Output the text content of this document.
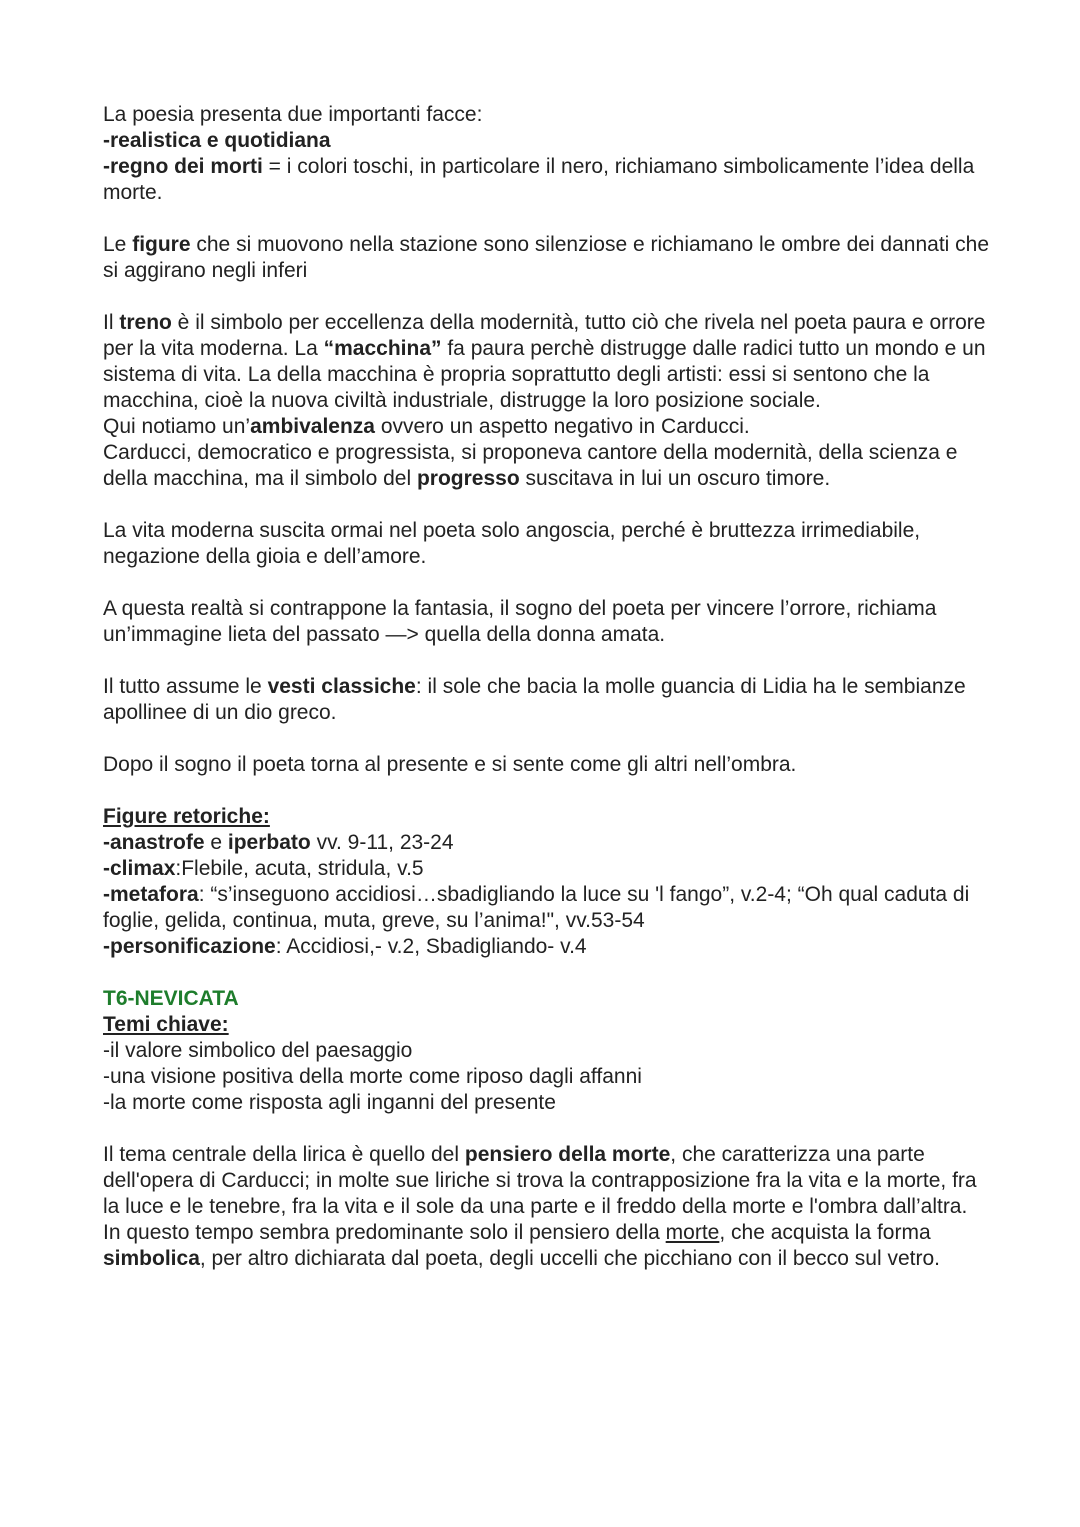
La poesia presenta due importanti facce:

-realistica e quotidiana

-regno dei morti = i colori toschi, in particolare il nero, richiamano simbolicamente l’idea della morte.

Le figure che si muovono nella stazione sono silenziose e richiamano le ombre dei dannati che si aggirano negli inferi

Il treno è il simbolo per eccellenza della modernità, tutto ciò che rivela nel poeta paura e orrore per la vita moderna. La “macchina” fa paura perchè distrugge dalle radici tutto un mondo e un sistema di vita. La della macchina è propria soprattutto degli artisti: essi si sentono che la macchina, cioè la nuova civiltà industriale, distrugge la loro posizione sociale.

Qui notiamo un’ambivalenza ovvero un aspetto negativo in Carducci.

Carducci, democratico e progressista, si proponeva cantore della modernità, della scienza e della macchina, ma il simbolo del progresso suscitava in lui un oscuro timore.

La vita moderna suscita ormai nel poeta solo angoscia, perché è bruttezza irrimediabile, negazione della gioia e dell’amore.

A questa realtà si contrappone la fantasia, il sogno del poeta per vincere l’orrore, richiama un’immagine lieta del passato —> quella della donna amata.

Il tutto assume le vesti classiche: il sole che bacia la molle guancia di Lidia ha le sembianze apollinee di un dio greco.

Dopo il sogno il poeta torna al presente e si sente come gli altri nell’ombra.

Figure retoriche:

-anastrofe e iperbato vv. 9-11, 23-24

-climax:Flebile, acuta, stridula, v.5

-metafora: “s’inseguono accidiosi…sbadigliando la luce su 'l fango”, v.2-4; “Oh qual caduta di foglie, gelida, continua, muta, greve, su l’anima!", vv.53-54

-personificazione: Accidiosi,- v.2, Sbadigliando- v.4

T6-NEVICATA

Temi chiave:

-il valore simbolico del paesaggio

-una visione positiva della morte come riposo dagli affanni

-la morte come risposta agli inganni del presente

Il tema centrale della lirica è quello del pensiero della morte, che caratterizza una parte dell'opera di Carducci; in molte sue liriche si trova la contrapposizione fra la vita e la morte, fra la luce e le tenebre, fra la vita e il sole da una parte e il freddo della morte e l'ombra dall’altra.

In questo tempo sembra predominante solo il pensiero della morte, che acquista la forma simbolica, per altro dichiarata dal poeta, degli uccelli che picchiano con il becco sul vetro.
